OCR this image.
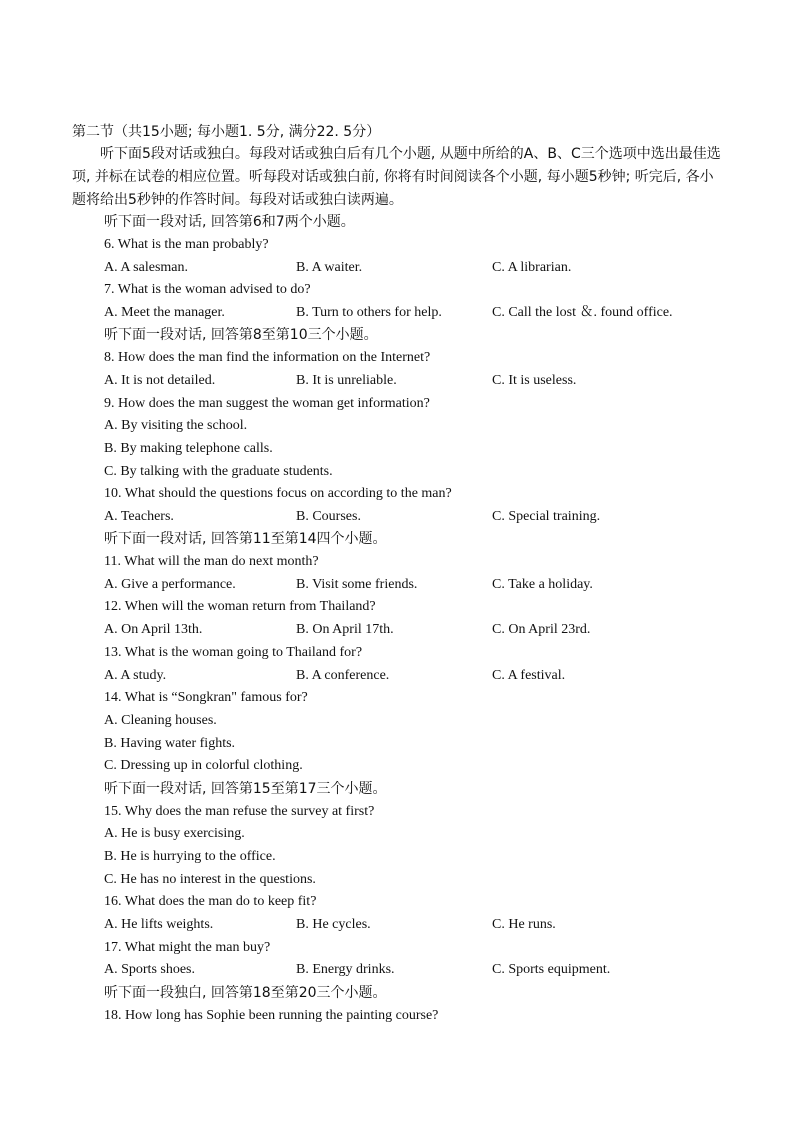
第二节（共15小题; 每小题1. 5分, 满分22. 5分）
听下面5段对话或独白。每段对话或独白后有几个小题, 从题中所给的A、B、C三个选项中选出最佳选项, 并标在试卷的相应位置。听每段对话或独白前, 你将有时间阅读各个小题, 每小题5秒钟; 听完后, 各小题将给出5秒钟的作答时间。每段对话或独白读两遍。
听下面一段对话, 回答第6和7两个小题。
6. What is the man probably?
A. A salesman.	B. A waiter.	C. A librarian.
7. What is the woman advised to do?
A. Meet the manager.	B. Turn to others for help.	C. Call the lost ＆. found office.
听下面一段对话, 回答第8至第10三个小题。
8. How does the man find the information on the Internet?
A. It is not detailed.	B. It is unreliable.	C. It is useless.
9. How does the man suggest the woman get information?
A. By visiting the school.
B. By making telephone calls.
C. By talking with the graduate students.
10. What should the questions focus on according to the man?
A. Teachers.	B. Courses.	C. Special training.
听下面一段对话, 回答第11至第14四个小题。
11. What will the man do next month?
A. Give a performance.	B. Visit some friends.	C. Take a holiday.
12. When will the woman return from Thailand?
A. On April 13th.	B. On April 17th.	C. On April 23rd.
13. What is the woman going to Thailand for?
A. A study.	B. A conference.	C. A festival.
14. What is “Songkran" famous for?
A. Cleaning houses.
B. Having water fights.
C. Dressing up in colorful clothing.
听下面一段对话, 回答第15至第17三个小题。
15. Why does the man refuse the survey at first?
A. He is busy exercising.
B. He is hurrying to the office.
C. He has no interest in the questions.
16. What does the man do to keep fit?
A. He lifts weights.	B. He cycles.	C. He runs.
17. What might the man buy?
A. Sports shoes.	B. Energy drinks.	C. Sports equipment.
听下面一段独白, 回答第18至第20三个小题。
18. How long has Sophie been running the painting course?
